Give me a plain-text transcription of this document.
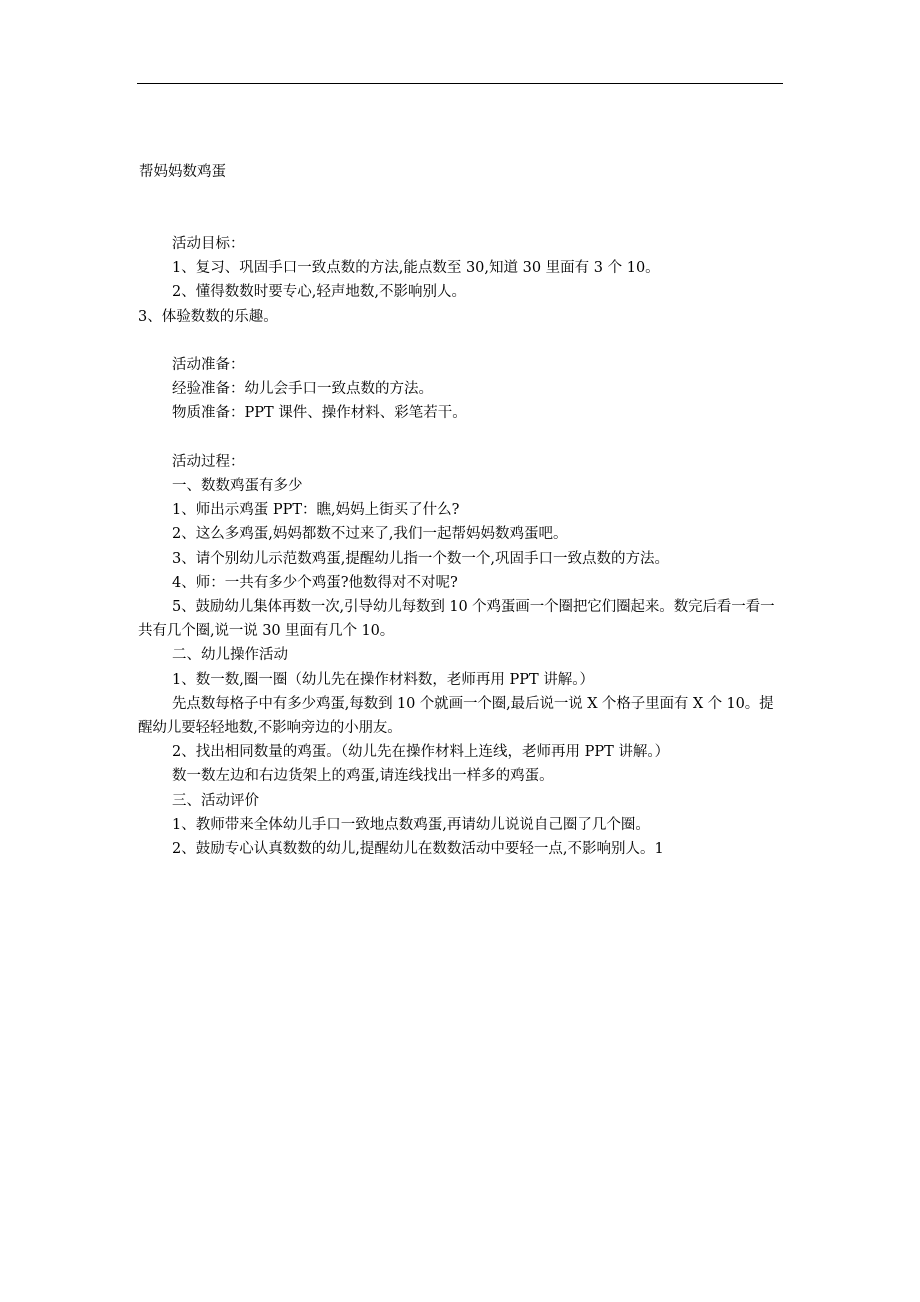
帮妈妈数鸡蛋

活动目标：

1、复习、巩固手口一致点数的方法,能点数至 30,知道 30 里面有 3 个 10。

2、懂得数数时要专心,轻声地数,不影响别人。

3、体验数数的乐趣。

活动准备：

经验准备：幼儿会手口一致点数的方法。

物质准备：PPT 课件、操作材料、彩笔若干。

活动过程：

一、数数鸡蛋有多少

1、师出示鸡蛋 PPT：瞧,妈妈上街买了什么?

2、这么多鸡蛋,妈妈都数不过来了,我们一起帮妈妈数鸡蛋吧。

3、请个别幼儿示范数鸡蛋,提醒幼儿指一个数一个,巩固手口一致点数的方法。

4、师：一共有多少个鸡蛋?他数得对不对呢?

5、鼓励幼儿集体再数一次,引导幼儿每数到 10 个鸡蛋画一个圈把它们圈起来。数完后看一看一共有几个圈,说一说 30 里面有几个 10。

二、幼儿操作活动

1、数一数,圈一圈（幼儿先在操作材料数，老师再用 PPT 讲解。）

先点数每格子中有多少鸡蛋,每数到 10 个就画一个圈,最后说一说 X 个格子里面有 X 个 10。提醒幼儿要轻轻地数,不影响旁边的小朋友。

2、找出相同数量的鸡蛋。（幼儿先在操作材料上连线，老师再用 PPT 讲解。）

数一数左边和右边货架上的鸡蛋,请连线找出一样多的鸡蛋。

三、活动评价

1、教师带来全体幼儿手口一致地点数鸡蛋,再请幼儿说说自己圈了几个圈。

2、鼓励专心认真数数的幼儿,提醒幼儿在数数活动中要轻一点,不影响别人。1
